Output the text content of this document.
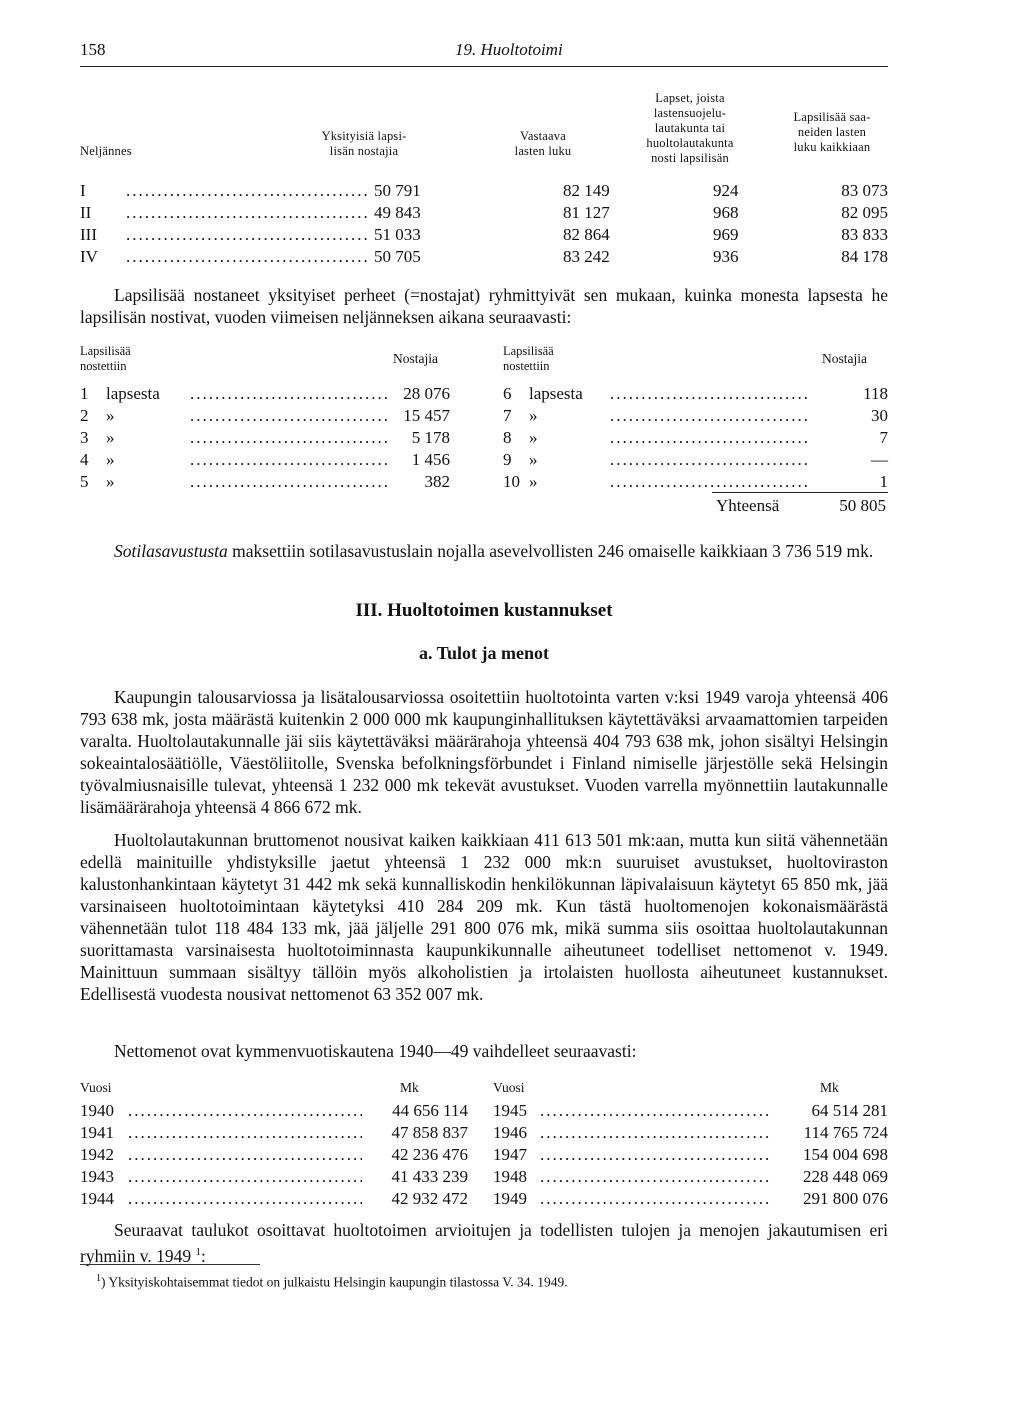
158	19. Huoltotoimi
Neljännes
Yksityisiä lapsi-
lisän nostajia
Vastaava
lasten luku
Lapset, joista
lastensuojelu-
lautakunta tai
huoltolautakunta
nosti lapsilisän
Lapsilisää saa-
neiden lasten
luku kaikkiaan
I .....	50 791	82 149	924	83 073
II .....	49 843	81 127	968	82 095
III .....	51 033	82 864	969	83 833
IV .....	50 705	83 242	936	84 178
Lapsilisää nostaneet yksityiset perheet (=nostajat) ryhmittyivät sen mukaan, kuinka monesta lapsesta he lapsilisän nostivat, vuoden viimeisen neljänneksen aikana seuraavasti:
Lapsilisää
nostettiin	Nostajia	Lapsilisää
nostettiin	Nostajia
1 lapsesta .....	28 076	6 lapsesta .....	118
2 » .....	15 457	7 » .....	30
3 » .....	5 178	8 » .....	7
4 » .....	1 456	9 » .....	—
5 » .....	382	10 » .....	1
Yhteensä	50 805
Sotilasavustusta maksettiin sotilasavustuslain nojalla asevelvollisten 246 omaiselle kaikkiaan 3 736 519 mk.
III. Huoltotoimen kustannukset
a. Tulot ja menot
Kaupungin talousarviossa ja lisätalousarviossa osoitettiin huoltotointa varten v:ksi 1949 varoja yhteensä 406 793 638 mk, josta määrästä kuitenkin 2 000 000 mk kaupunginhallituksen käytettäväksi arvaamattomien tarpeiden varalta. Huoltolautakunnalle jäi siis käytettäväksi määrärahoja yhteensä 404 793 638 mk, johon sisältyi Helsingin sokeaintalosäätiölle, Väestöliitolle, Svenska befolkningsförbundet i Finland nimiselle järjestölle sekä Helsingin työvalmiusnaisille tulevat, yhteensä 1 232 000 mk tekevät avustukset. Vuoden varrella myönnettiin lautakunnalle lisämäärärahoja yhteensä 4 866 672 mk.
Huoltolautakunnan bruttomenot nousivat kaiken kaikkiaan 411 613 501 mk:aan, mutta kun siitä vähennetään edellä mainituille yhdistyksille jaetut yhteensä 1 232 000 mk:n suuruiset avustukset, huoltoviraston kalustonhankintaan käytetyt 31 442 mk sekä kunnalliskodin henkilökunnan läpivalaisuun käytetyt 65 850 mk, jää varsinaiseen huoltotoimintaan käytetyksi 410 284 209 mk. Kun tästä huoltomenojen kokonaismäärästä vähennetään tulot 118 484 133 mk, jää jäljelle 291 800 076 mk, mikä summa siis osoittaa huoltolautakunnan suorittamasta varsinaisesta huoltotoiminnasta kaupunkikunnalle aiheutuneet todelliset nettomenot v. 1949. Mainittuun summaan sisältyy tällöin myös alkoholistien ja irtolaisten huollosta aiheutuneet kustannukset. Edellisestä vuodesta nousivat nettomenot 63 352 007 mk.
Nettomenot ovat kymmenvuotiskautena 1940—49 vaihdelleet seuraavasti:
Vuosi	Mk	Vuosi	Mk
1940 .....	44 656 114 1945 .....	64 514 281
1941 .....	47 858 837 1946 .....	114 765 724
1942 .....	42 236 476 1947 .....	154 004 698
1943 .....	41 433 239 1948 .....	228 448 069
1944 .....	42 932 472 1949 .....	291 800 076
Seuraavat taulukot osoittavat huoltotoimen arvioitujen ja todellisten tulojen ja menojen jakautumisen eri ryhmiin v. 1949 $^1$:
$^1$) Yksityiskohtaisemmat tiedot on julkaistu Helsingin kaupungin tilastossa V. 34. 1949.
